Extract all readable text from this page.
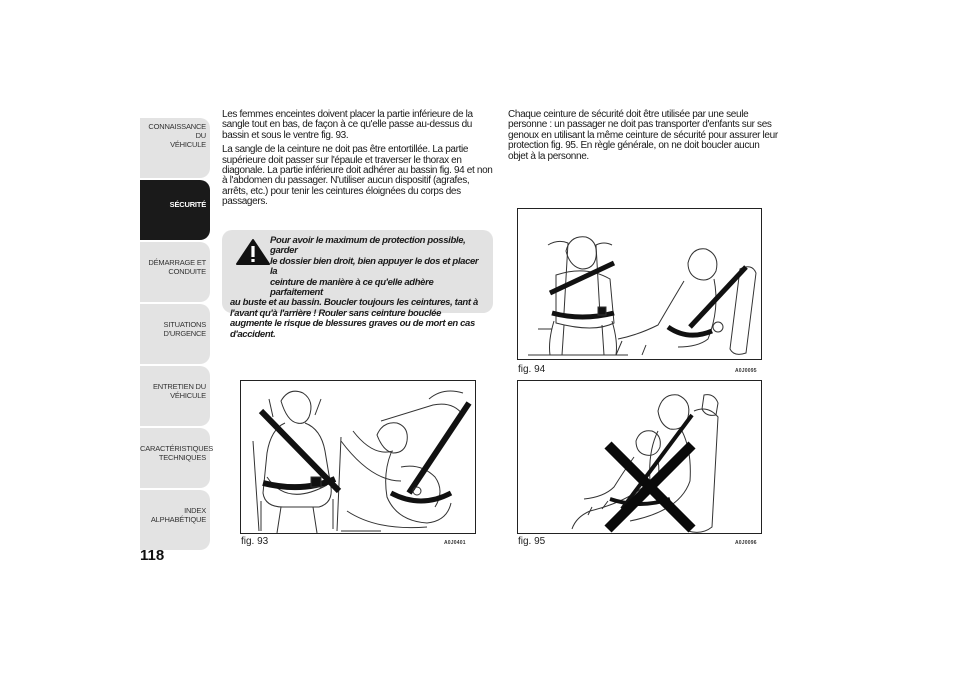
CONNAISSANCE DU
VÉHICULE
SÉCURITÉ
DÉMARRAGE ET
CONDUITE
SITUATIONS
D'URGENCE
ENTRETIEN DU
VÉHICULE
CARACTÉRISTIQUES
TECHNIQUES
INDEX
ALPHABÉTIQUE
118

Les femmes enceintes doivent placer la partie inférieure de la sangle tout en bas, de façon à ce qu'elle passe au-dessus du bassin et sous le ventre fig. 93.

La sangle de la ceinture ne doit pas être entortillée. La partie supérieure doit passer sur l'épaule et traverser le thorax en diagonale. La partie inférieure doit adhérer au bassin fig. 94 et non à l'abdomen du passager. N'utiliser aucun dispositif (agrafes, arrêts, etc.) pour tenir les ceintures éloignées du corps des passagers.

Pour avoir le maximum de protection possible, garder
le dossier bien droit, bien appuyer le dos et placer la
ceinture de manière à ce qu'elle adhère parfaitement
au buste et au bassin. Boucler toujours les ceintures, tant à l'avant qu'à l'arrière ! Rouler sans ceinture bouclée augmente le risque de blessures graves ou de mort en cas d'accident.

Chaque ceinture de sécurité doit être utilisée par une seule personne : un passager ne doit pas transporter d'enfants sur ses genoux en utilisant la même ceinture de sécurité pour assurer leur protection fig. 95. En règle générale, on ne doit boucler aucun objet à la personne.

fig. 93	A0J0401
fig. 94	A0J0095
fig. 95	A0J0096
